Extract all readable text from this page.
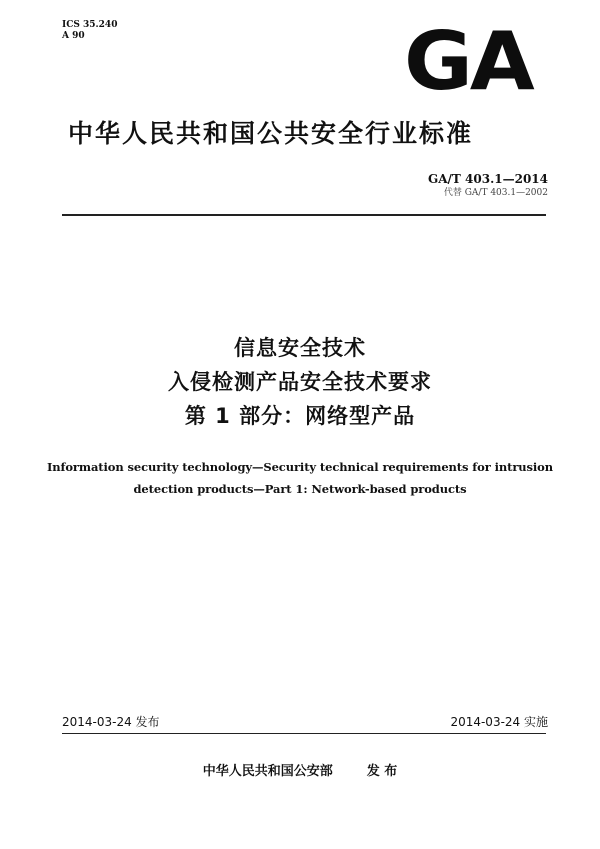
ICS 35.240
A 90	GA
中华人民共和国公共安全行业标准
GA/T 403.1—2014
代替 GA/T 403.1—2002
信息安全技术
入侵检测产品安全技术要求
第 1 部分：网络型产品
Information security technology—Security technical requirements for intrusion
detection products—Part 1: Network-based products
2014-03-24 发布	2014-03-24 实施
中华人民共和国公安部	发 布
